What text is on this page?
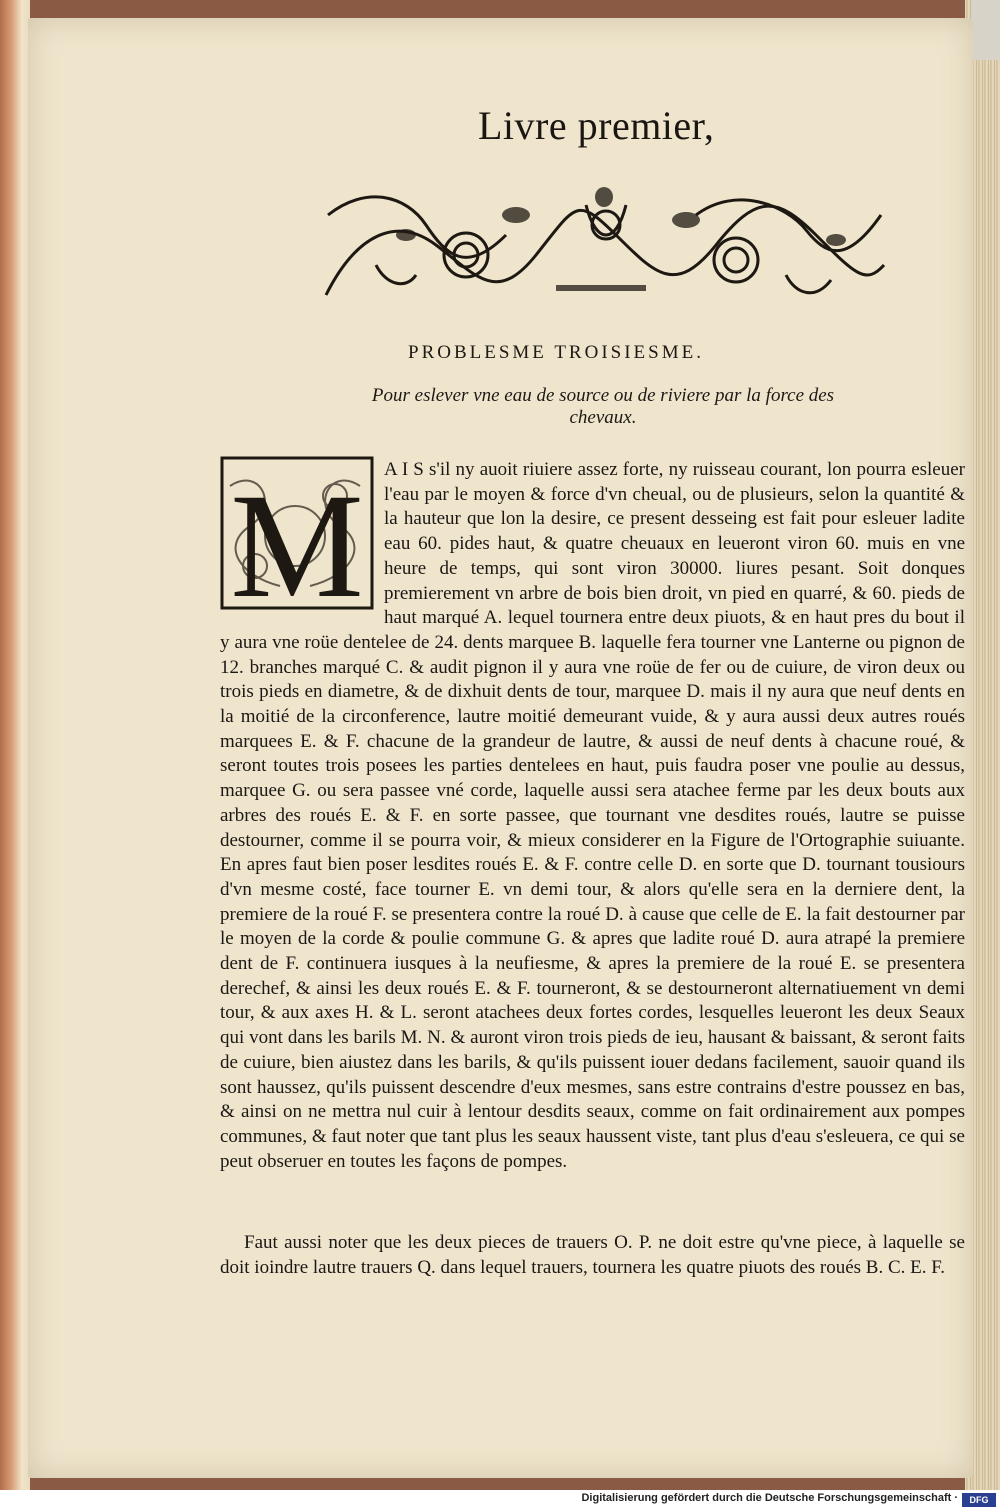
Livre premier,
PROBLESME TROISIESME.
Pour eslever vne eau de source ou de riviere par la force des chevaux.
M A I S s'il ny auoit riuiere assez forte, ny ruisseau courant, lon pourra esleuer l'eau par le moyen & force d'vn cheual, ou de plusieurs, selon la quantité & la hauteur que lon la desire, ce present desseing est fait pour esleuer ladite eau 60. pides haut, & quatre cheuaux en leueront viron 60. muis en vne heure de temps, qui sont viron 30000. liures pesant. Soit donques premierement vn arbre de bois bien droit, vn pied en quarré, & 60. pieds de haut marqué A. lequel tournera entre deux piuots, & en haut pres du bout il y aura vne roüe dentelee de 24. dents marquee B. laquelle fera tourner vne Lanterne ou pignon de 12. branches marqué C. & audit pignon il y aura vne roüe de fer ou de cuiure, de viron deux ou trois pieds en diametre, & de dixhuit dents de tour, marquee D. mais il ny aura que neuf dents en la moitié de la circonference, lautre moitié demeurant vuide, & y aura aussi deux autres roués marquees E. & F. chacune de la grandeur de lautre, & aussi de neuf dents à chacune roué, & seront toutes trois posees les parties dentelees en haut, puis faudra poser vne poulie au dessus, marquee G. ou sera passee vné corde, laquelle aussi sera atachee ferme par les deux bouts aux arbres des roués E. & F. en sorte passee, que tournant vne desdites roués, lautre se puisse destourner, comme il se pourra voir, & mieux considerer en la Figure de l'Ortographie suiuante. En apres faut bien poser lesdites roués E. & F. contre celle D. en sorte que D. tournant tousiours d'vn mesme costé, face tourner E. vn demi tour, & alors qu'elle sera en la derniere dent, la premiere de la roué F. se presentera contre la roué D. à cause que celle de E. la fait destourner par le moyen de la corde & poulie commune G. & apres que ladite roué D. aura atrapé la premiere dent de F. continuera iusques à la neufiesme, & apres la premiere de la roué E. se presentera derechef, & ainsi les deux roués E. & F. tourneront, & se destourneront alternatiuement vn demi tour, & aux axes H. & L. seront atachees deux fortes cordes, lesquelles leueront les deux Seaux qui vont dans les barils M. N. & auront viron trois pieds de ieu, hausant & baissant, & seront faits de cuiure, bien aiustez dans les barils, & qu'ils puissent iouer dedans facilement, sauoir quand ils sont haussez, qu'ils puissent descendre d'eux mesmes, sans estre contrains d'estre poussez en bas, & ainsi on ne mettra nul cuir à lentour desdits seaux, comme on fait ordinairement aux pompes communes, & faut noter que tant plus les seaux haussent viste, tant plus d'eau s'esleuera, ce qui se peut obseruer en toutes les façons de pompes.
Faut aussi noter que les deux pieces de trauers O. P. ne doit estre qu'vne piece, à laquelle se doit ioindre lautre trauers Q. dans lequel trauers, tournera les quatre piuots des roués B. C. E. F.
Digitalisierung gefördert durch die Deutsche Forschungsgemeinschaft ·	DFG
